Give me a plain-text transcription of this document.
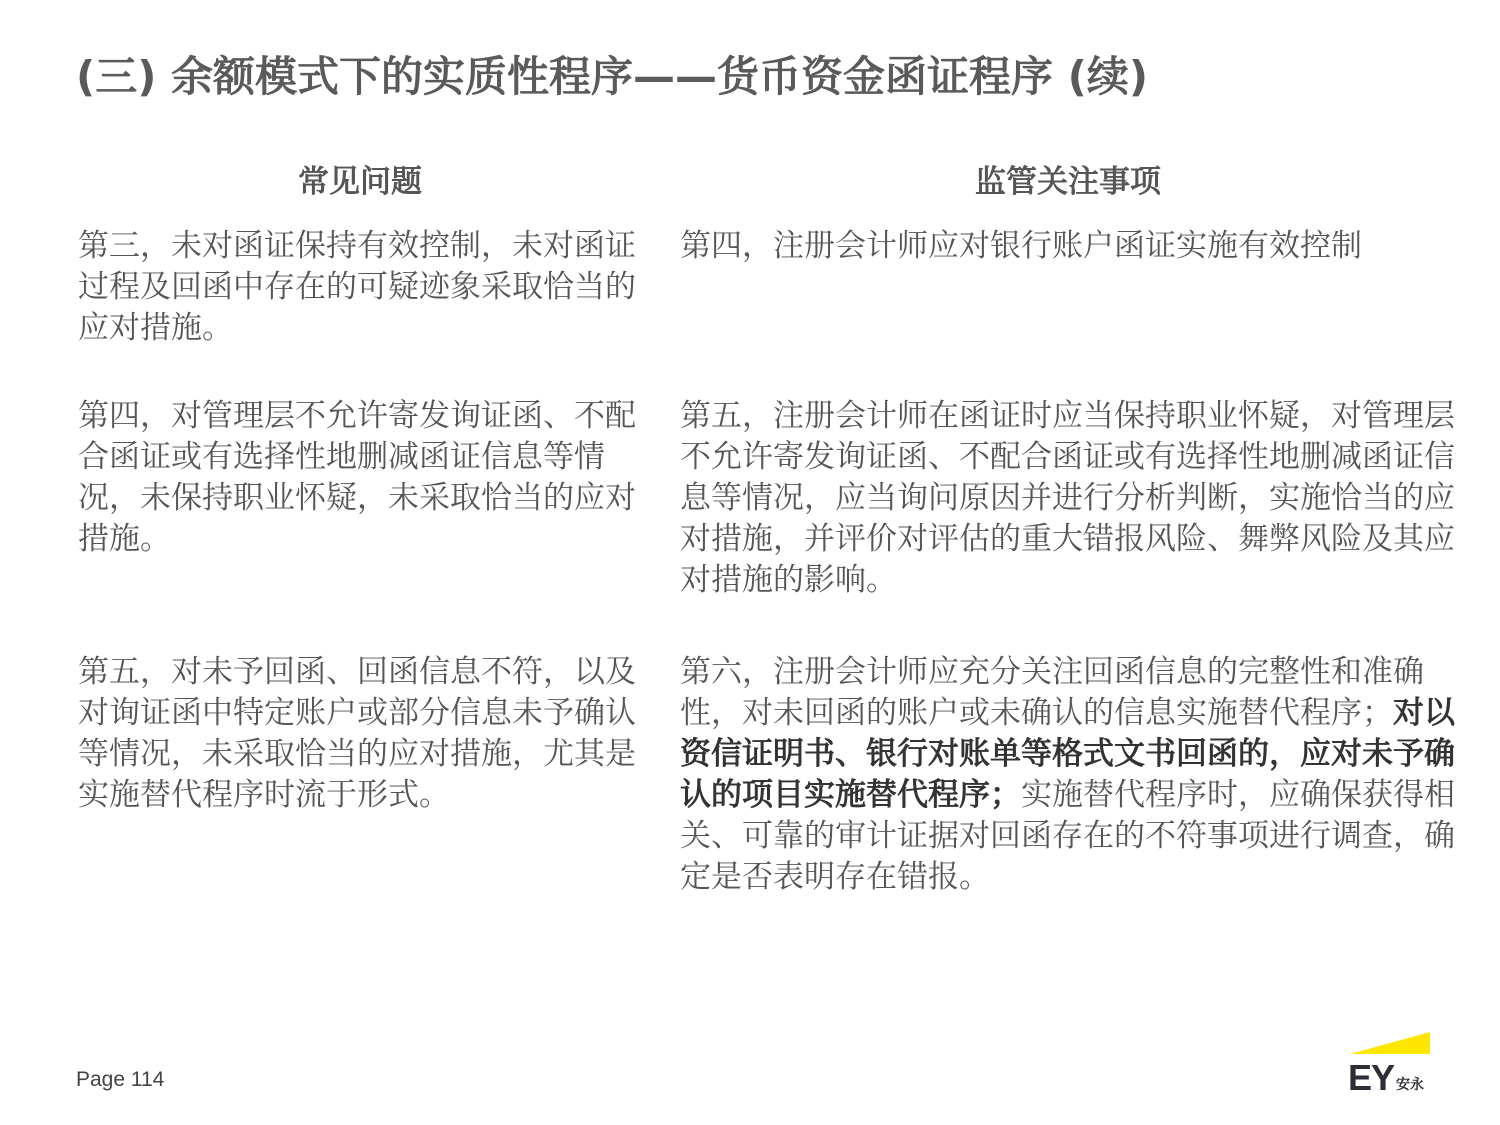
(三) 余额模式下的实质性程序——货币资金函证程序 (续)
常见问题	监管关注事项

第三，未对函证保持有效控制，未对函证过程及回函中存在的可疑迹象采取恰当的应对措施。

第四，注册会计师应对银行账户函证实施有效控制

第四，对管理层不允许寄发询证函、不配合函证或有选择性地删减函证信息等情况，未保持职业怀疑，未采取恰当的应对措施。

第五，注册会计师在函证时应当保持职业怀疑，对管理层不允许寄发询证函、不配合函证或有选择性地删减函证信息等情况，应当询问原因并进行分析判断，实施恰当的应对措施，并评价对评估的重大错报风险、舞弊风险及其应对措施的影响。

第五，对未予回函、回函信息不符，以及对询证函中特定账户或部分信息未予确认等情况，未采取恰当的应对措施，尤其是实施替代程序时流于形式。

第六，注册会计师应充分关注回函信息的完整性和准确性，对未回函的账户或未确认的信息实施替代程序；对以资信证明书、银行对账单等格式文书回函的，应对未予确认的项目实施替代程序；实施替代程序时，应确保获得相关、可靠的审计证据对回函存在的不符事项进行调查，确定是否表明存在错报。

Page 114	EY 安永
